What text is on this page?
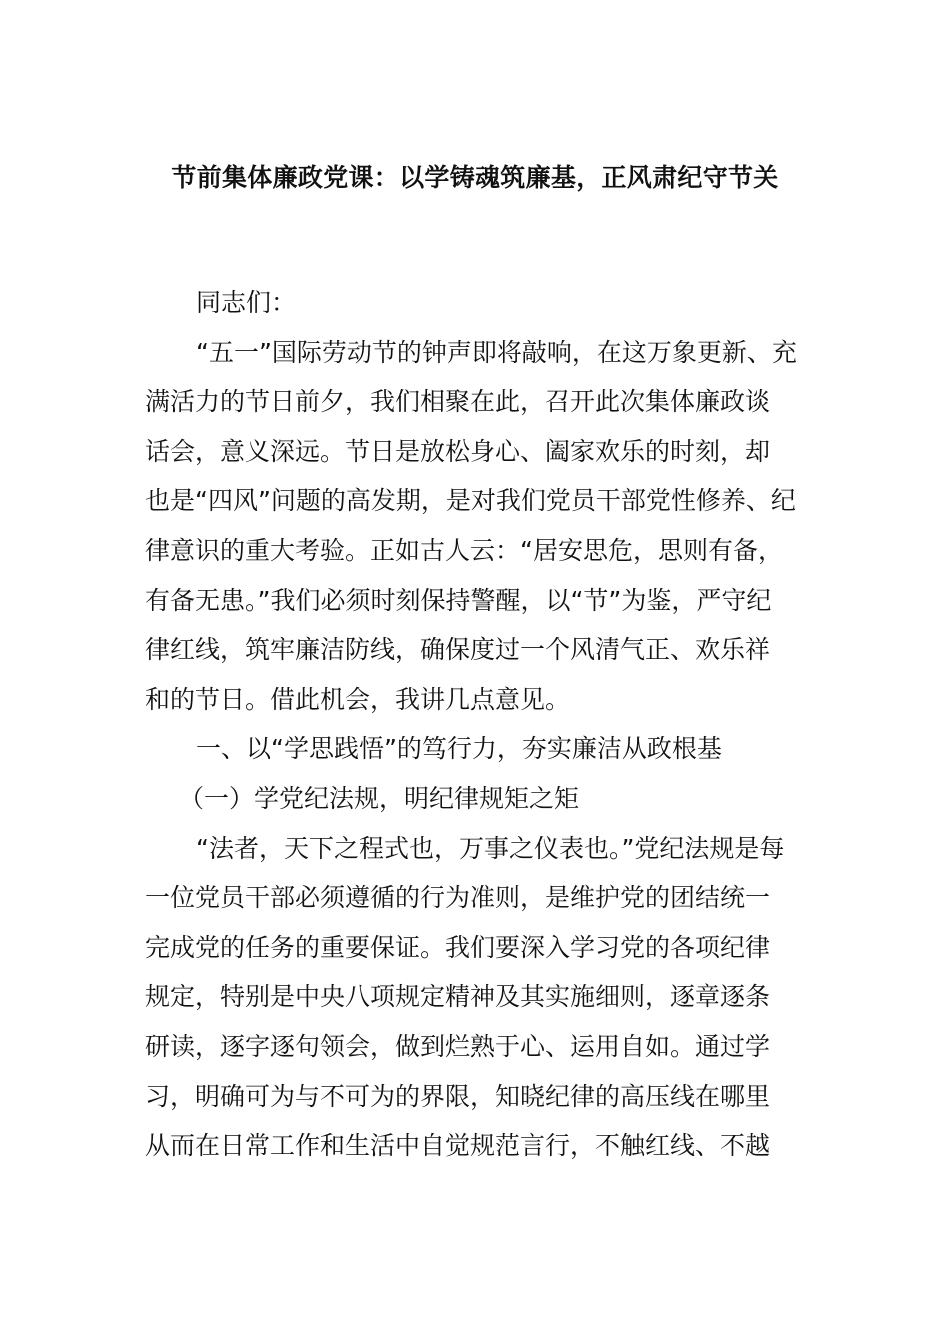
节前集体廉政党课：以学铸魂筑廉基，正风肃纪守节关
同志们：
“五一”国际劳动节的钟声即将敲响，在这万象更新、充
满活力的节日前夕，我们相聚在此，召开此次集体廉政谈
话会，意义深远。节日是放松身心、阖家欢乐的时刻，却
也是“四风”问题的高发期，是对我们党员干部党性修养、纪
律意识的重大考验。正如古人云：“居安思危，思则有备，
有备无患。”我们必须时刻保持警醒，以“节”为鉴，严守纪
律红线，筑牢廉洁防线，确保度过一个风清气正、欢乐祥
和的节日。借此机会，我讲几点意见。
一、以“学思践悟”的笃行力，夯实廉洁从政根基
（一）学党纪法规，明纪律规矩之矩
“法者，天下之程式也，万事之仪表也。”党纪法规是每
一位党员干部必须遵循的行为准则，是维护党的团结统一
完成党的任务的重要保证。我们要深入学习党的各项纪律
规定，特别是中央八项规定精神及其实施细则，逐章逐条
研读，逐字逐句领会，做到烂熟于心、运用自如。通过学
习，明确可为与不可为的界限，知晓纪律的高压线在哪里
从而在日常工作和生活中自觉规范言行，不触红线、不越
